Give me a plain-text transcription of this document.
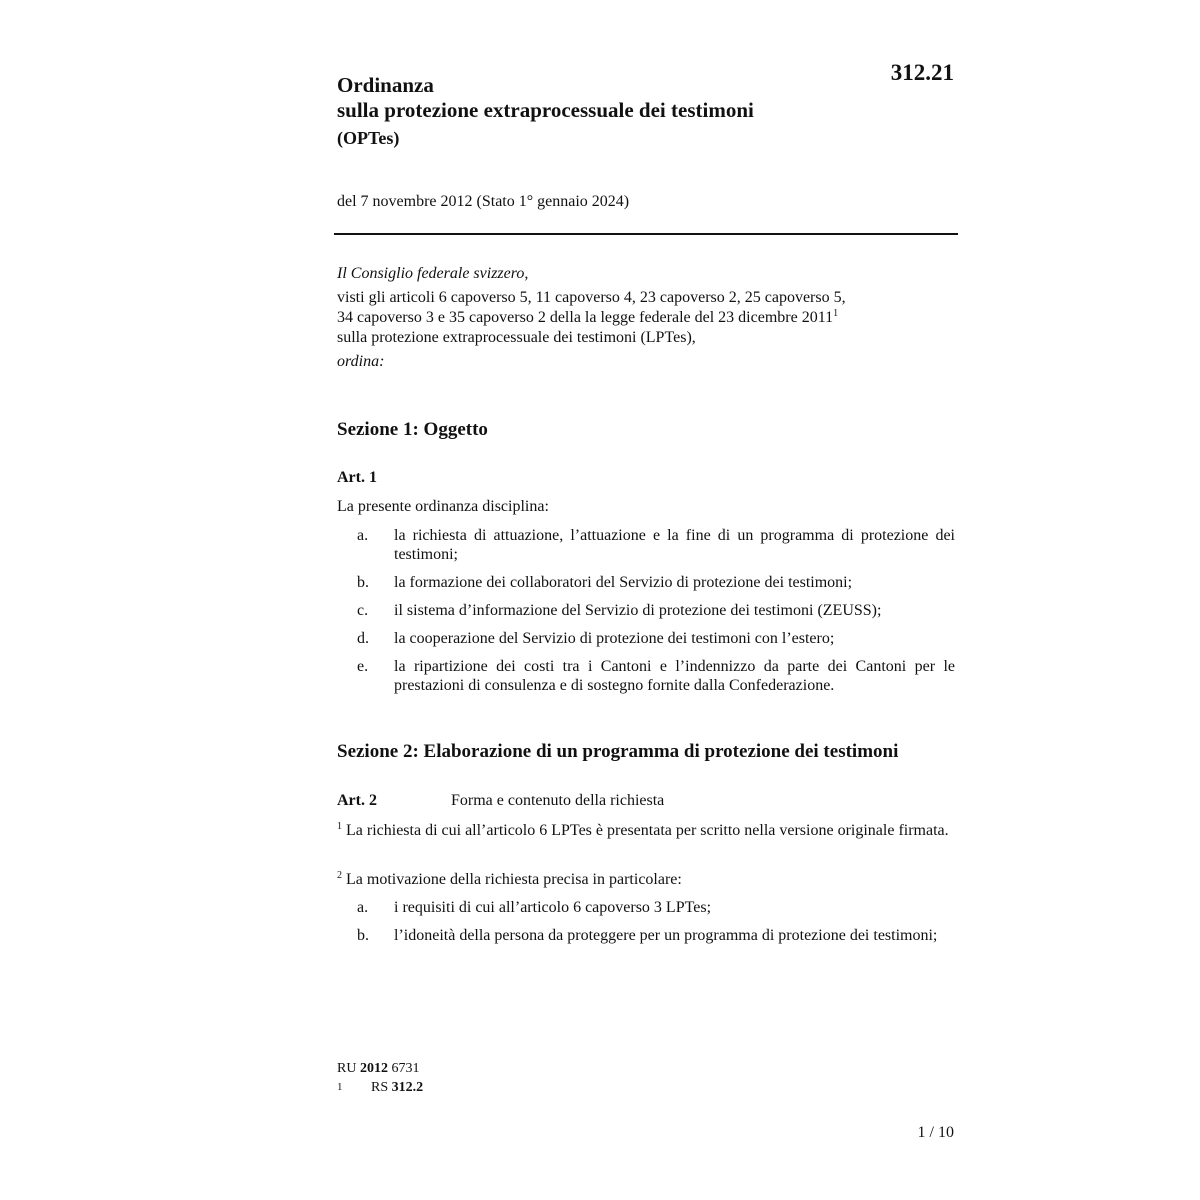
312.21
Ordinanza
sulla protezione extraprocessuale dei testimoni
(OPTes)
del 7 novembre 2012 (Stato 1° gennaio 2024)
Il Consiglio federale svizzero,
visti gli articoli 6 capoverso 5, 11 capoverso 4, 23 capoverso 2, 25 capoverso 5,
34 capoverso 3 e 35 capoverso 2 della la legge federale del 23 dicembre 2011$^1$
sulla protezione extraprocessuale dei testimoni (LPTes),
ordina:
Sezione 1: Oggetto
Art. 1
La presente ordinanza disciplina:
a.	la richiesta di attuazione, l’attuazione e la fine di un programma di protezione dei testimoni;
b.	la formazione dei collaboratori del Servizio di protezione dei testimoni;
c.	il sistema d’informazione del Servizio di protezione dei testimoni (ZEUSS);
d.	la cooperazione del Servizio di protezione dei testimoni con l’estero;
e.	la ripartizione dei costi tra i Cantoni e l’indennizzo da parte dei Cantoni per le prestazioni di consulenza e di sostegno fornite dalla Confederazione.
Sezione 2: Elaborazione di un programma di protezione dei testimoni
Art. 2	Forma e contenuto della richiesta
$^1$ La richiesta di cui all’articolo 6 LPTes è presentata per scritto nella versione originale firmata.
$^2$ La motivazione della richiesta precisa in particolare:
a.	i requisiti di cui all’articolo 6 capoverso 3 LPTes;
b.	l’idoneità della persona da proteggere per un programma di protezione dei testimoni;
RU 2012 6731
1	RS 312.2
1 / 10
